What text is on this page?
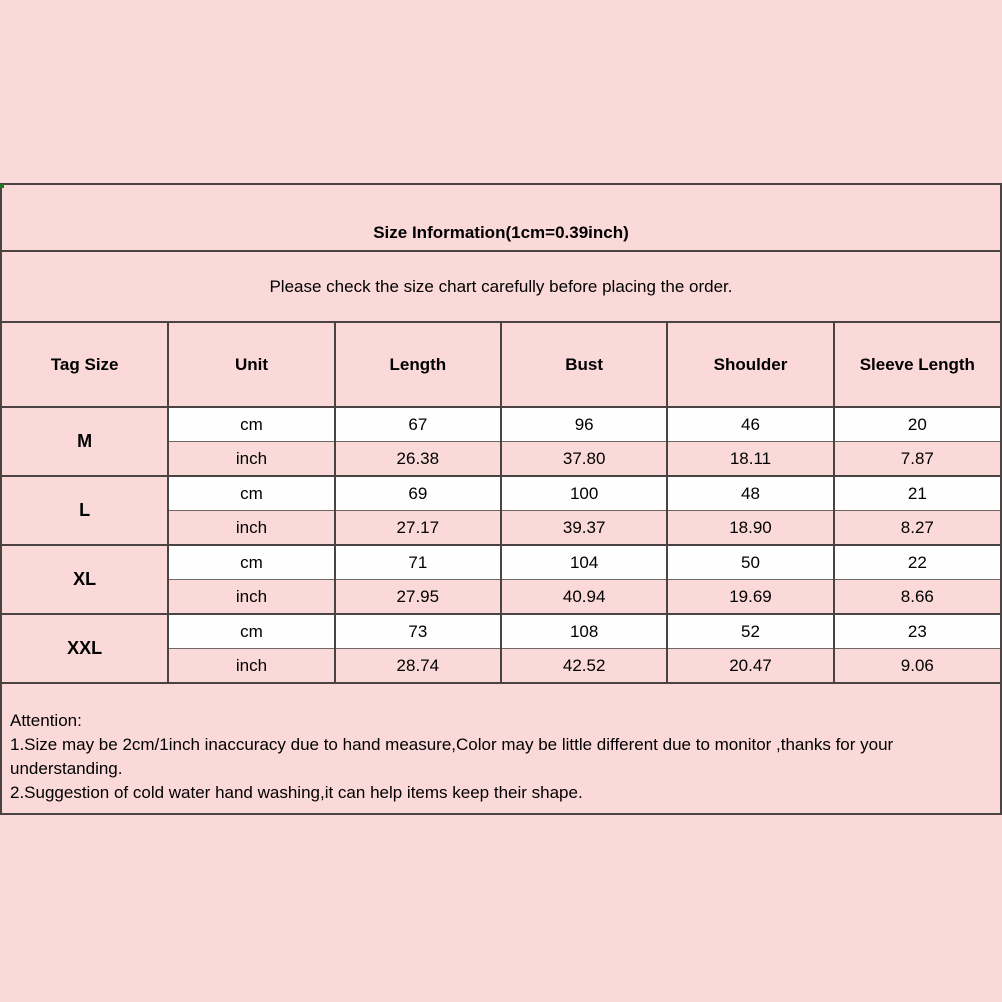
Size Information(1cm=0.39inch)
Please check the size chart carefully before placing the order.
Tag Size	Unit	Length	Bust	Shoulder	Sleeve Length
M	cm	67	96	46	20
	inch	26.38	37.80	18.11	7.87
L	cm	69	100	48	21
	inch	27.17	39.37	18.90	8.27
XL	cm	71	104	50	22
	inch	27.95	40.94	19.69	8.66
XXL	cm	73	108	52	23
	inch	28.74	42.52	20.47	9.06
Attention:
1.Size may be 2cm/1inch inaccuracy due to hand measure,Color may be little different due to monitor ,thanks for your understanding.
2.Suggestion of cold water hand washing,it can help items keep their shape.
